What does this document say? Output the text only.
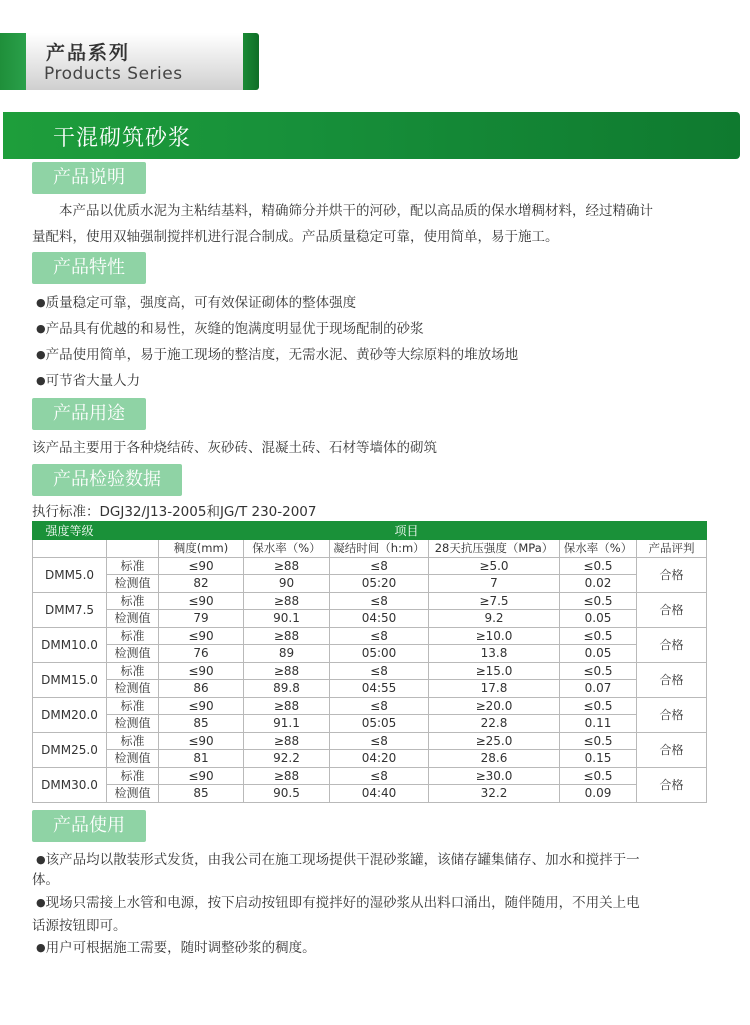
产品系列
Products Series
干混砌筑砂浆
产品说明
本产品以优质水泥为主粘结基料，精确筛分并烘干的河砂，配以高品质的保水增稠材料，经过精确计
量配料，使用双轴强制搅拌机进行混合制成。产品质量稳定可靠，使用简单，易于施工。
产品特性
●质量稳定可靠，强度高，可有效保证砌体的整体强度
●产品具有优越的和易性，灰缝的饱满度明显优于现场配制的砂浆
●产品使用简单，易于施工现场的整洁度，无需水泥、黄砂等大综原料的堆放场地
●可节省大量人力
产品用途
该产品主要用于各种烧结砖、灰砂砖、混凝土砖、石材等墙体的砌筑
产品检验数据
执行标准：DGJ32/J13-2005和JG/T 230-2007
强度等级	项目						
		稠度(mm)	保水率（%）	凝结时间（h:m）	28天抗压强度（MPa）	保水率（%）	产品评判
DMM5.0	标准	≤90	≥88	≤8	≥5.0	≤0.5	合格
	检测值	82	90	05:20	7	0.02	
DMM7.5	标准	≤90	≥88	≤8	≥7.5	≤0.5	合格
	检测值	79	90.1	04:50	9.2	0.05	
DMM10.0	标准	≤90	≥88	≤8	≥10.0	≤0.5	合格
	检测值	76	89	05:00	13.8	0.05	
DMM15.0	标准	≤90	≥88	≤8	≥15.0	≤0.5	合格
	检测值	86	89.8	04:55	17.8	0.07	
DMM20.0	标准	≤90	≥88	≤8	≥20.0	≤0.5	合格
	检测值	85	91.1	05:05	22.8	0.11	
DMM25.0	标准	≤90	≥88	≤8	≥25.0	≤0.5	合格
	检测值	81	92.2	04:20	28.6	0.15	
DMM30.0	标准	≤90	≥88	≤8	≥30.0	≤0.5	合格
	检测值	85	90.5	04:40	32.2	0.09	
产品使用
●该产品均以散装形式发货，由我公司在施工现场提供干混砂浆罐，该储存罐集储存、加水和搅拌于一
体。
●现场只需接上水管和电源，按下启动按钮即有搅拌好的湿砂浆从出料口涌出，随伴随用，不用关上电
话源按钮即可。
●用户可根据施工需要，随时调整砂浆的稠度。
